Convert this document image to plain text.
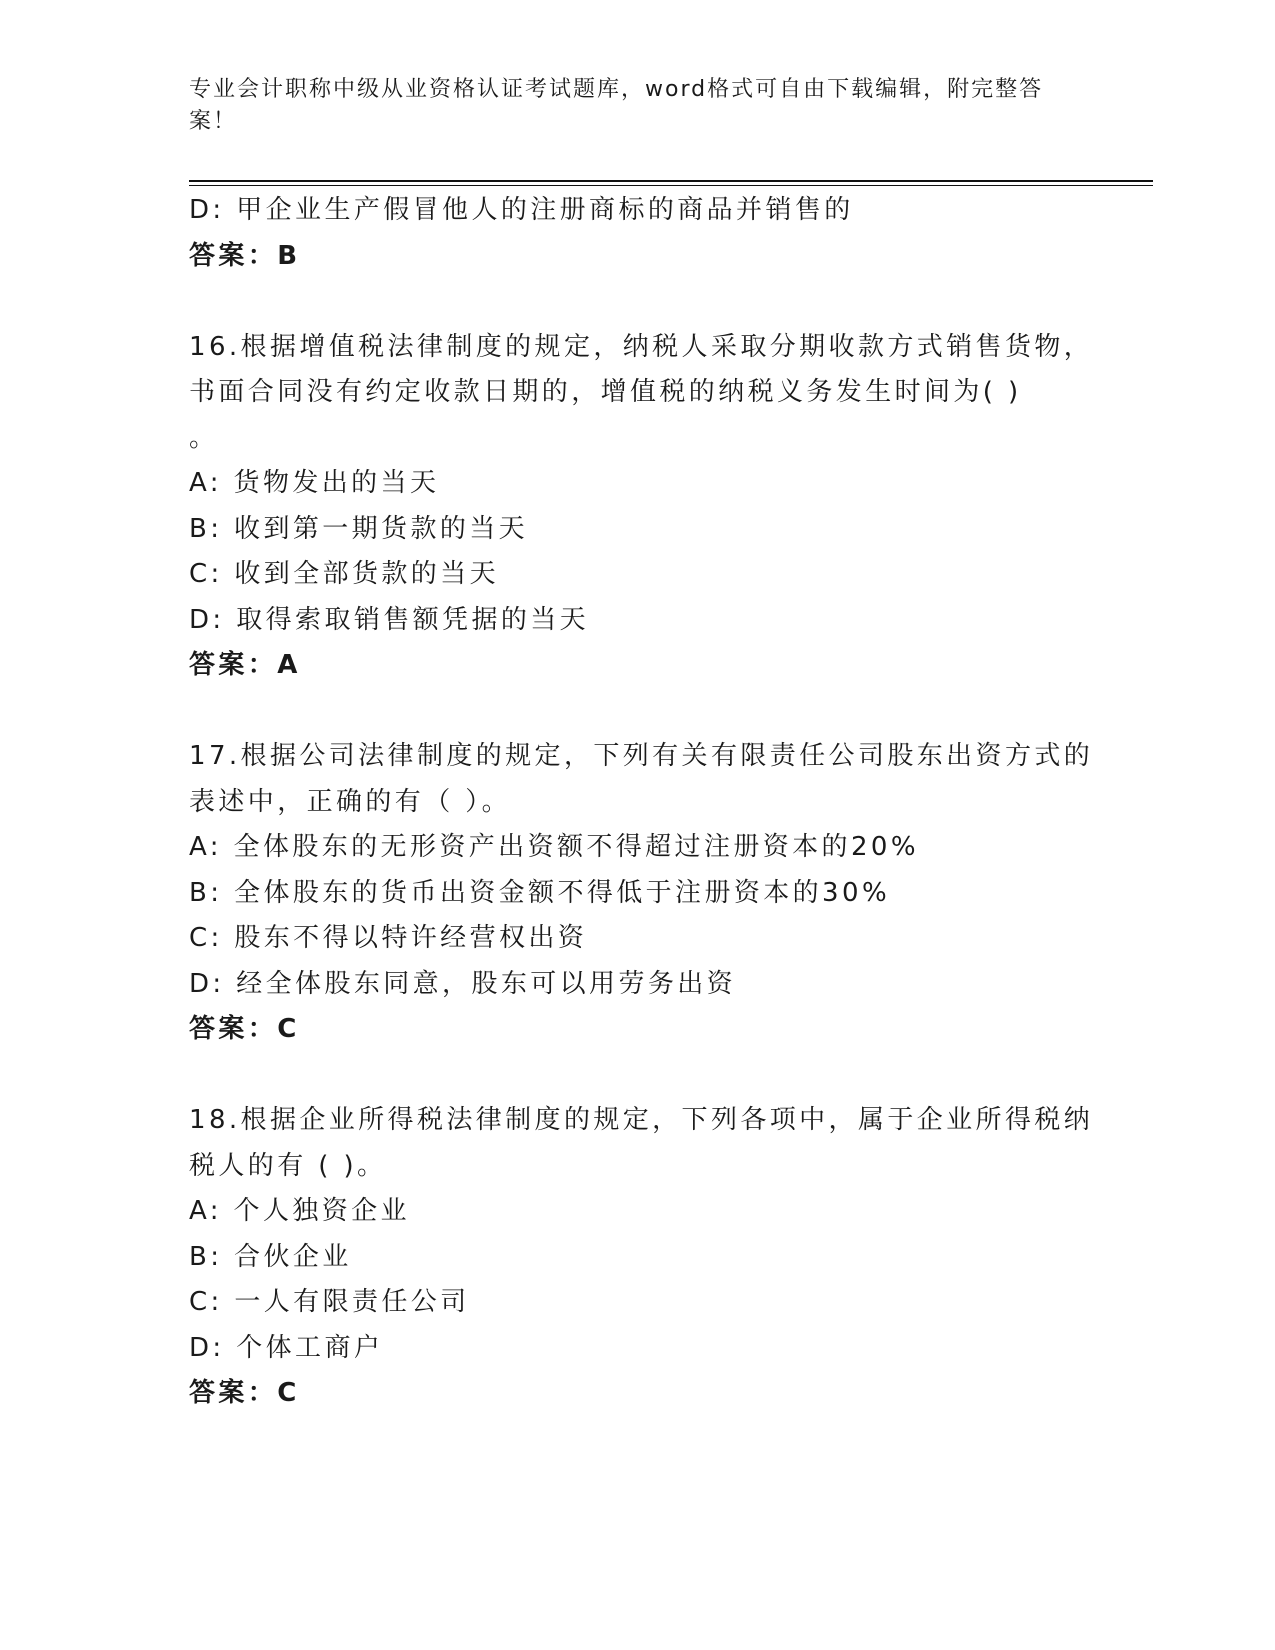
专业会计职称中级从业资格认证考试题库，word格式可自由下载编辑，附完整答
案！
D: 甲企业生产假冒他人的注册商标的商品并销售的
答案：B
16.根据增值税法律制度的规定，纳税人采取分期收款方式销售货物，
书面合同没有约定收款日期的，增值税的纳税义务发生时间为( )
。
A: 货物发出的当天
B: 收到第一期货款的当天
C: 收到全部货款的当天
D: 取得索取销售额凭据的当天
答案：A
17.根据公司法律制度的规定，下列有关有限责任公司股东出资方式的
表述中，正确的有（ ）。
A: 全体股东的无形资产出资额不得超过注册资本的20%
B: 全体股东的货币出资金额不得低于注册资本的30%
C: 股东不得以特许经营权出资
D: 经全体股东同意，股东可以用劳务出资
答案：C
18.根据企业所得税法律制度的规定，下列各项中，属于企业所得税纳
税人的有 ( )。
A: 个人独资企业
B: 合伙企业
C: 一人有限责任公司
D: 个体工商户
答案：C
